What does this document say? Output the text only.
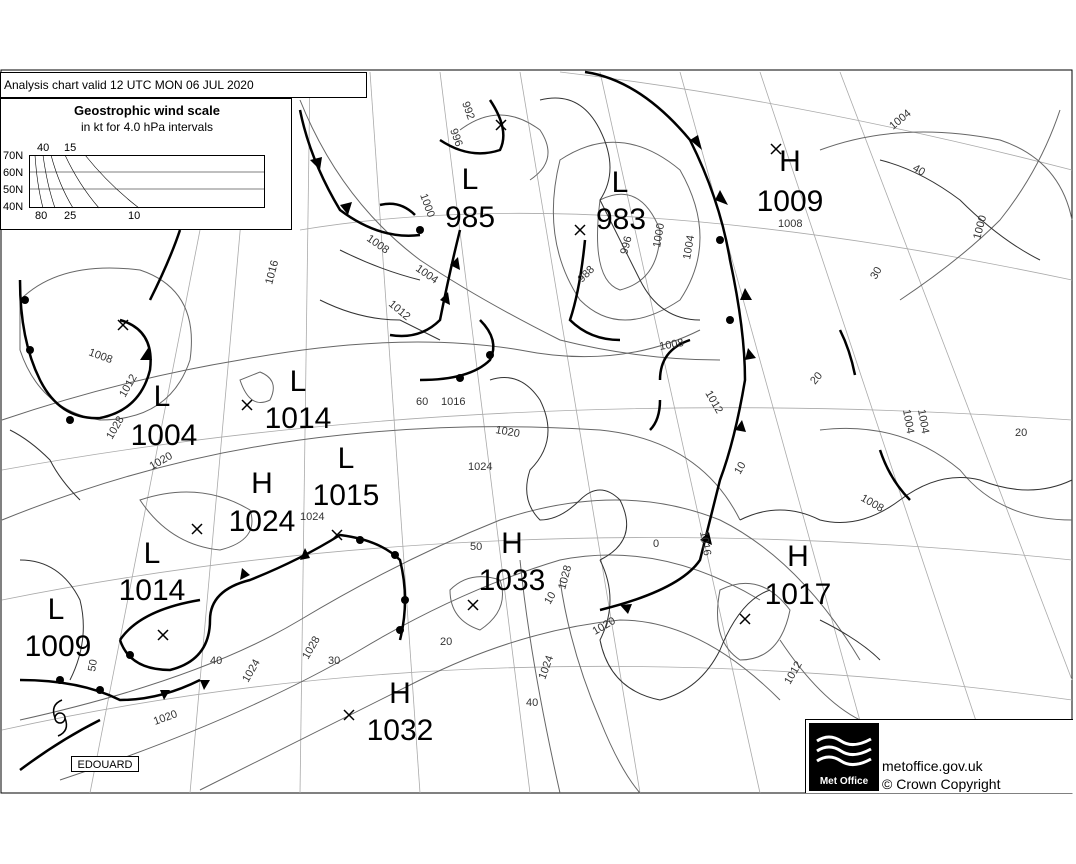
1004
1000
996
992
1008
1004
1000
1016
1012
1008
1004
1000
996
988
1004
1008
1012
1016
1020
1024
1028
1008
1012
1020
1020
1024
1028
1024
1028
1020
1024
1012
1016
1008
1004
40
30
20
10
60
50	0
10
20
30
40
50
40
20
Analysis chart valid 12 UTC MON 06 JUL 2020
Geostrophic wind scale
in kt for 4.0 hPa intervals
40 15
70N
60N
50N
40N
80 25	10
L
985
L
983
H
1009
L
1004
L
1014
L
1015
H
1024
L
1014
L
1009
H
1033
H
1017
H
1032
EDOUARD
Met Office
metoffice.gov.uk
© Crown Copyright
